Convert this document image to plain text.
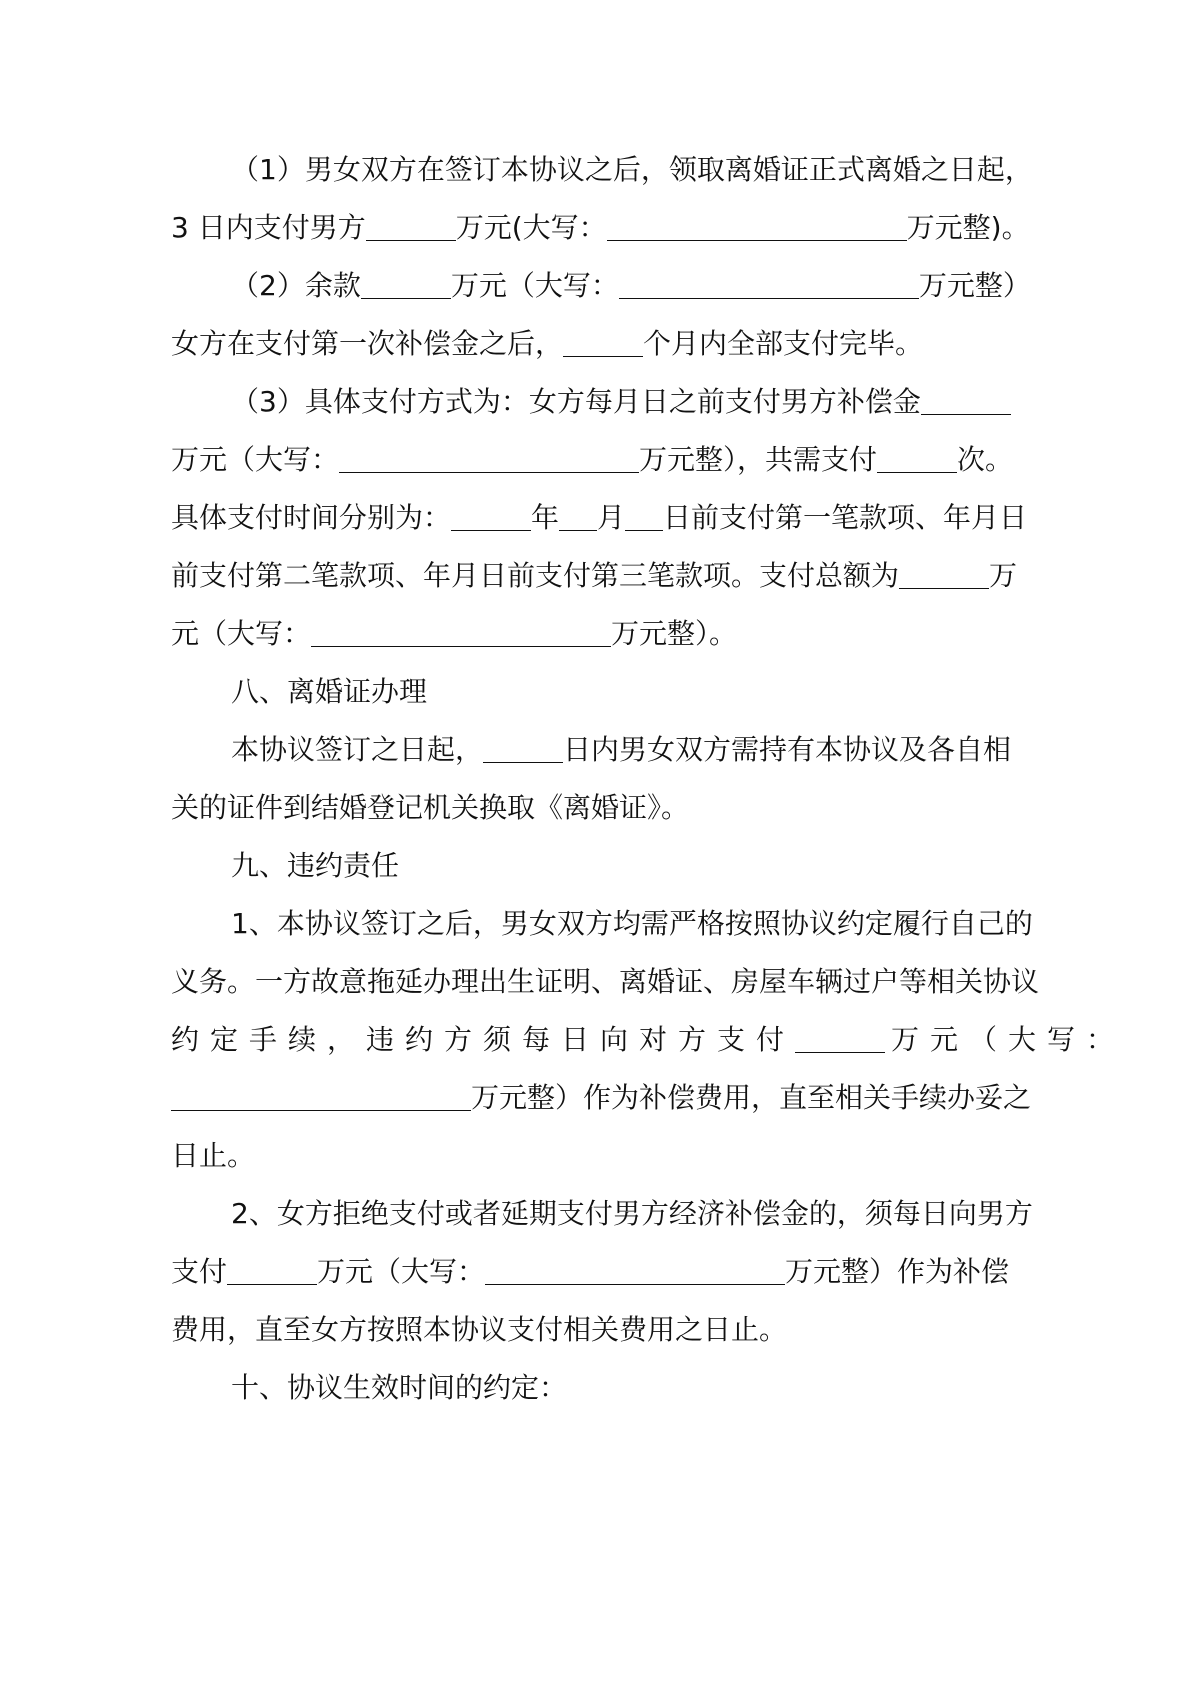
（1）男女双方在签订本协议之后，领取离婚证正式离婚之日起，
3 日内支付男方	万元(大写：	万元整)。
（2）余款	万元（大写：	万元整）
女方在支付第一次补偿金之后，	个月内全部支付完毕。
（3）具体支付方式为：女方每月日之前支付男方补偿金
万元（大写：	万元整），共需支付	次。
具体支付时间分别为：	年 月 日前支付第一笔款项、年月日
前支付第二笔款项、年月日前支付第三笔款项。支付总额为	万
元（大写：	万元整）。
八、离婚证办理
本协议签订之日起，	日内男女双方需持有本协议及各自相
关的证件到结婚登记机关换取《离婚证》。
九、违约责任
1、本协议签订之后，男女双方均需严格按照协议约定履行自己的
义务。一方故意拖延办理出生证明、离婚证、房屋车辆过户等相关协议
约定手续，违约方须每日向对方支付	万元（大写：
万元整）作为补偿费用，直至相关手续办妥之
日止。
2、女方拒绝支付或者延期支付男方经济补偿金的，须每日向男方
支付	万元（大写：	万元整）作为补偿
费用，直至女方按照本协议支付相关费用之日止。
十、协议生效时间的约定：
